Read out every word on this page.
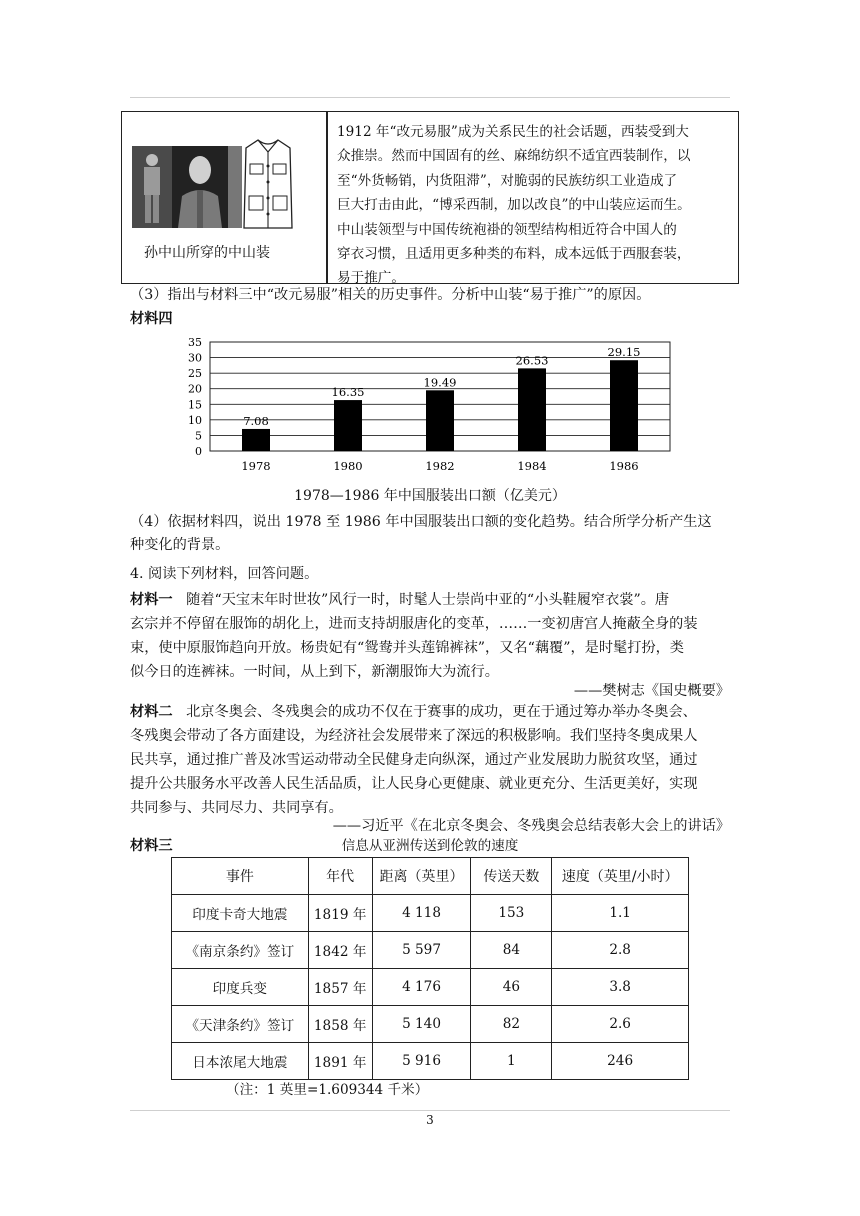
孙中山所穿的中山装
1912 年“改元易服”成为关系民生的社会话题，西装受到大
众推崇。然而中国固有的丝、麻绵纺织不适宜西装制作，以
至“外货畅销，内货阻滞”，对脆弱的民族纺织工业造成了
巨大打击由此，“博采西制，加以改良”的中山装应运而生。
中山装领型与中国传统袍褂的领型结构相近符合中国人的
穿衣习惯，且适用更多种类的布料，成本远低于西服套装，
易于推广。
（3）指出与材料三中“改元易服”相关的历史事件。分析中山装“易于推广”的原因。
材料四
0
5
10
15
20
25
30
35
7.08
1978
16.35
1980
19.49
1982
26.53
1984
29.15
1986
1978—1986 年中国服装出口额（亿美元）
（4）依据材料四，说出 1978 至 1986 年中国服装出口额的变化趋势。结合所学分析产生这
种变化的背景。
4. 阅读下列材料，回答问题。
材料一 随着“天宝末年时世妆”风行一时，时髦人士崇尚中亚的“小头鞋履窄衣裳”。唐
玄宗并不停留在服饰的胡化上，进而支持胡服唐化的变革，……一变初唐宫人掩蔽全身的装
束，使中原服饰趋向开放。杨贵妃有“鸳鸯并头莲锦裤袜”，又名“藕覆”，是时髦打扮，类
似今日的连裤袜。一时间，从上到下，新潮服饰大为流行。
——樊树志《国史概要》
材料二 北京冬奥会、冬残奥会的成功不仅在于赛事的成功，更在于通过筹办举办冬奥会、
冬残奥会带动了各方面建设，为经济社会发展带来了深远的积极影响。我们坚持冬奥成果人
民共享，通过推广普及冰雪运动带动全民健身走向纵深，通过产业发展助力脱贫攻坚，通过
提升公共服务水平改善人民生活品质，让人民身心更健康、就业更充分、生活更美好，实现
共同参与、共同尽力、共同享有。
——习近平《在北京冬奥会、冬残奥会总结表彰大会上的讲话》
材料三	信息从亚洲传送到伦敦的速度
事件	年代	距离（英里）	传送天数	速度（英里/小时）
印度卡奇大地震	1819 年	4 118	153	1.1
《南京条约》签订	1842 年	5 597	84	2.8
印度兵变	1857 年	4 176	46	3.8
《天津条约》签订	1858 年	5 140	82	2.6
日本浓尾大地震	1891 年	5 916	1	246
（注：1 英里=1.609344 千米）
3
